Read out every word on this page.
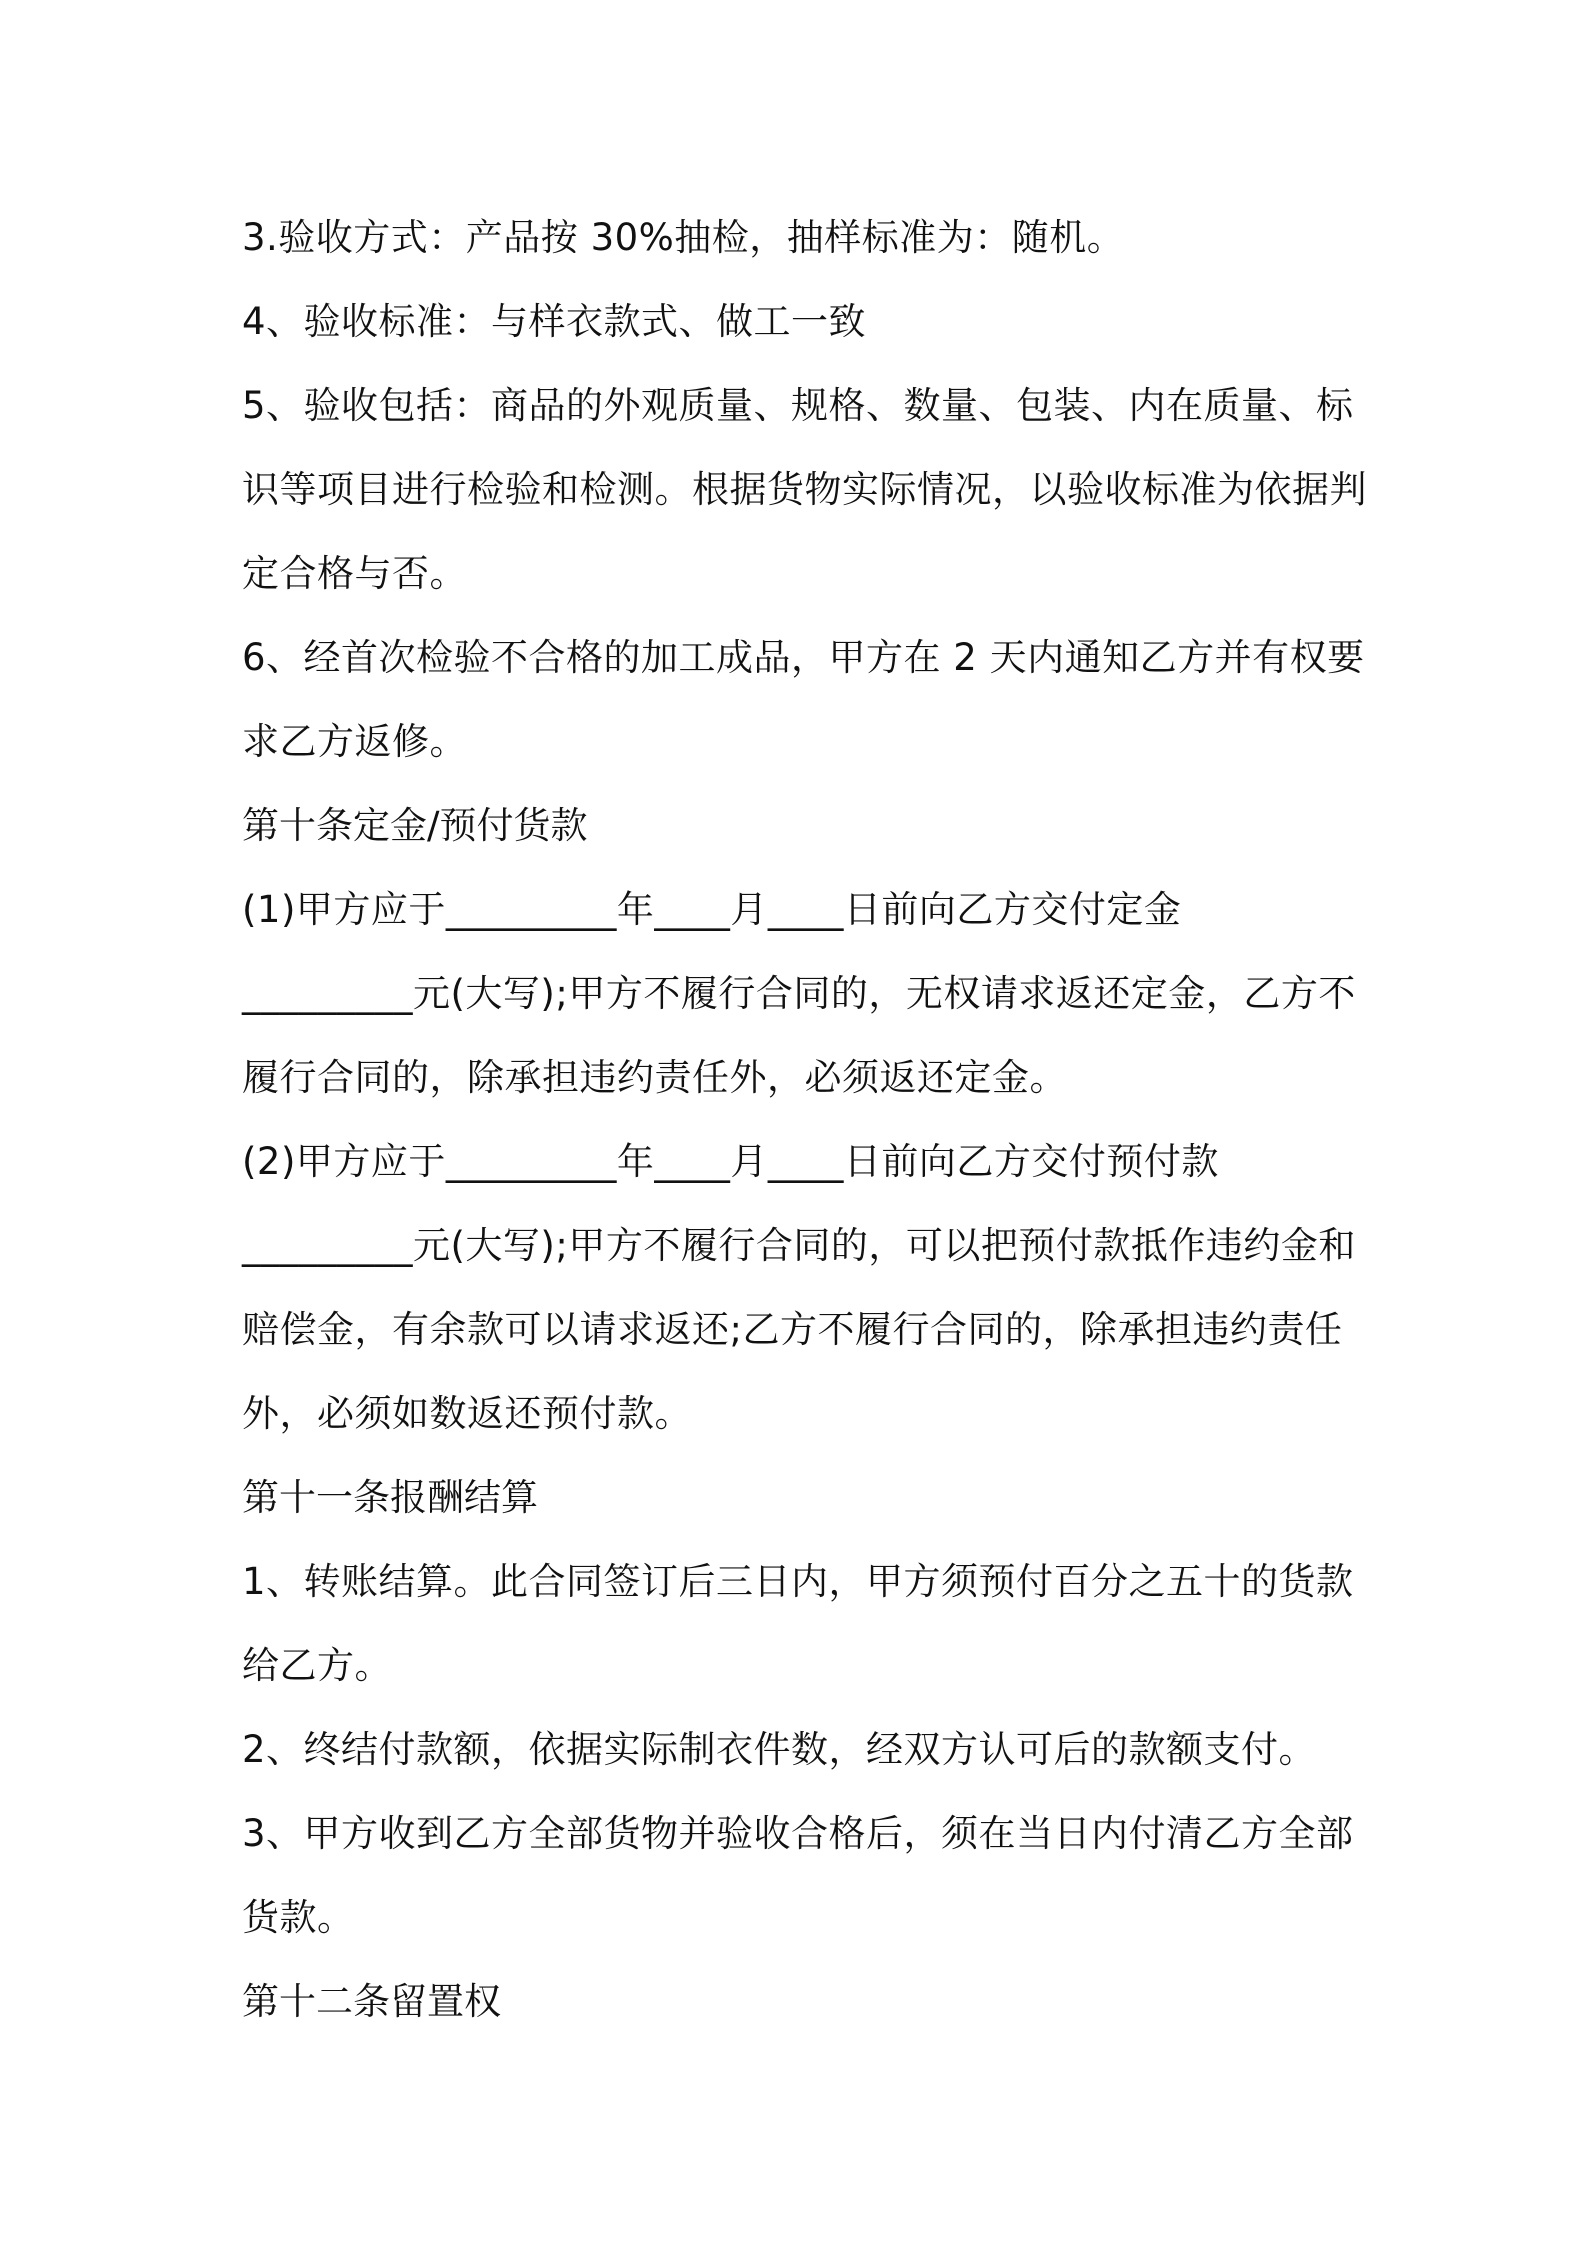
3.验收方式：产品按 30%抽检，抽样标准为：随机。
4、验收标准：与样衣款式、做工一致
5、验收包括：商品的外观质量、规格、数量、包装、内在质量、标
识等项目进行检验和检测。根据货物实际情况，以验收标准为依据判
定合格与否。
6、经首次检验不合格的加工成品，甲方在 2 天内通知乙方并有权要
求乙方返修。
第十条定金/预付货款
(1)甲方应于_________年____月____日前向乙方交付定金
_________元(大写);甲方不履行合同的，无权请求返还定金，乙方不
履行合同的，除承担违约责任外，必须返还定金。
(2)甲方应于_________年____月____日前向乙方交付预付款
_________元(大写);甲方不履行合同的，可以把预付款抵作违约金和
赔偿金，有余款可以请求返还;乙方不履行合同的，除承担违约责任
外，必须如数返还预付款。
第十一条报酬结算
1、转账结算。此合同签订后三日内，甲方须预付百分之五十的货款
给乙方。
2、终结付款额，依据实际制衣件数，经双方认可后的款额支付。
3、甲方收到乙方全部货物并验收合格后，须在当日内付清乙方全部
货款。
第十二条留置权
